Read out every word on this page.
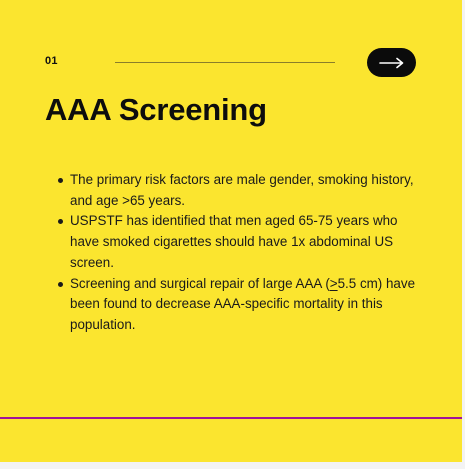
01
AAA Screening
The primary risk factors are male gender, smoking history, and age >65 years.
USPSTF has identified that men aged 65-75 years who have smoked cigarettes should have 1x abdominal US screen.
Screening and surgical repair of large AAA (≥5.5 cm) have been found to decrease AAA-specific mortality in this population.
